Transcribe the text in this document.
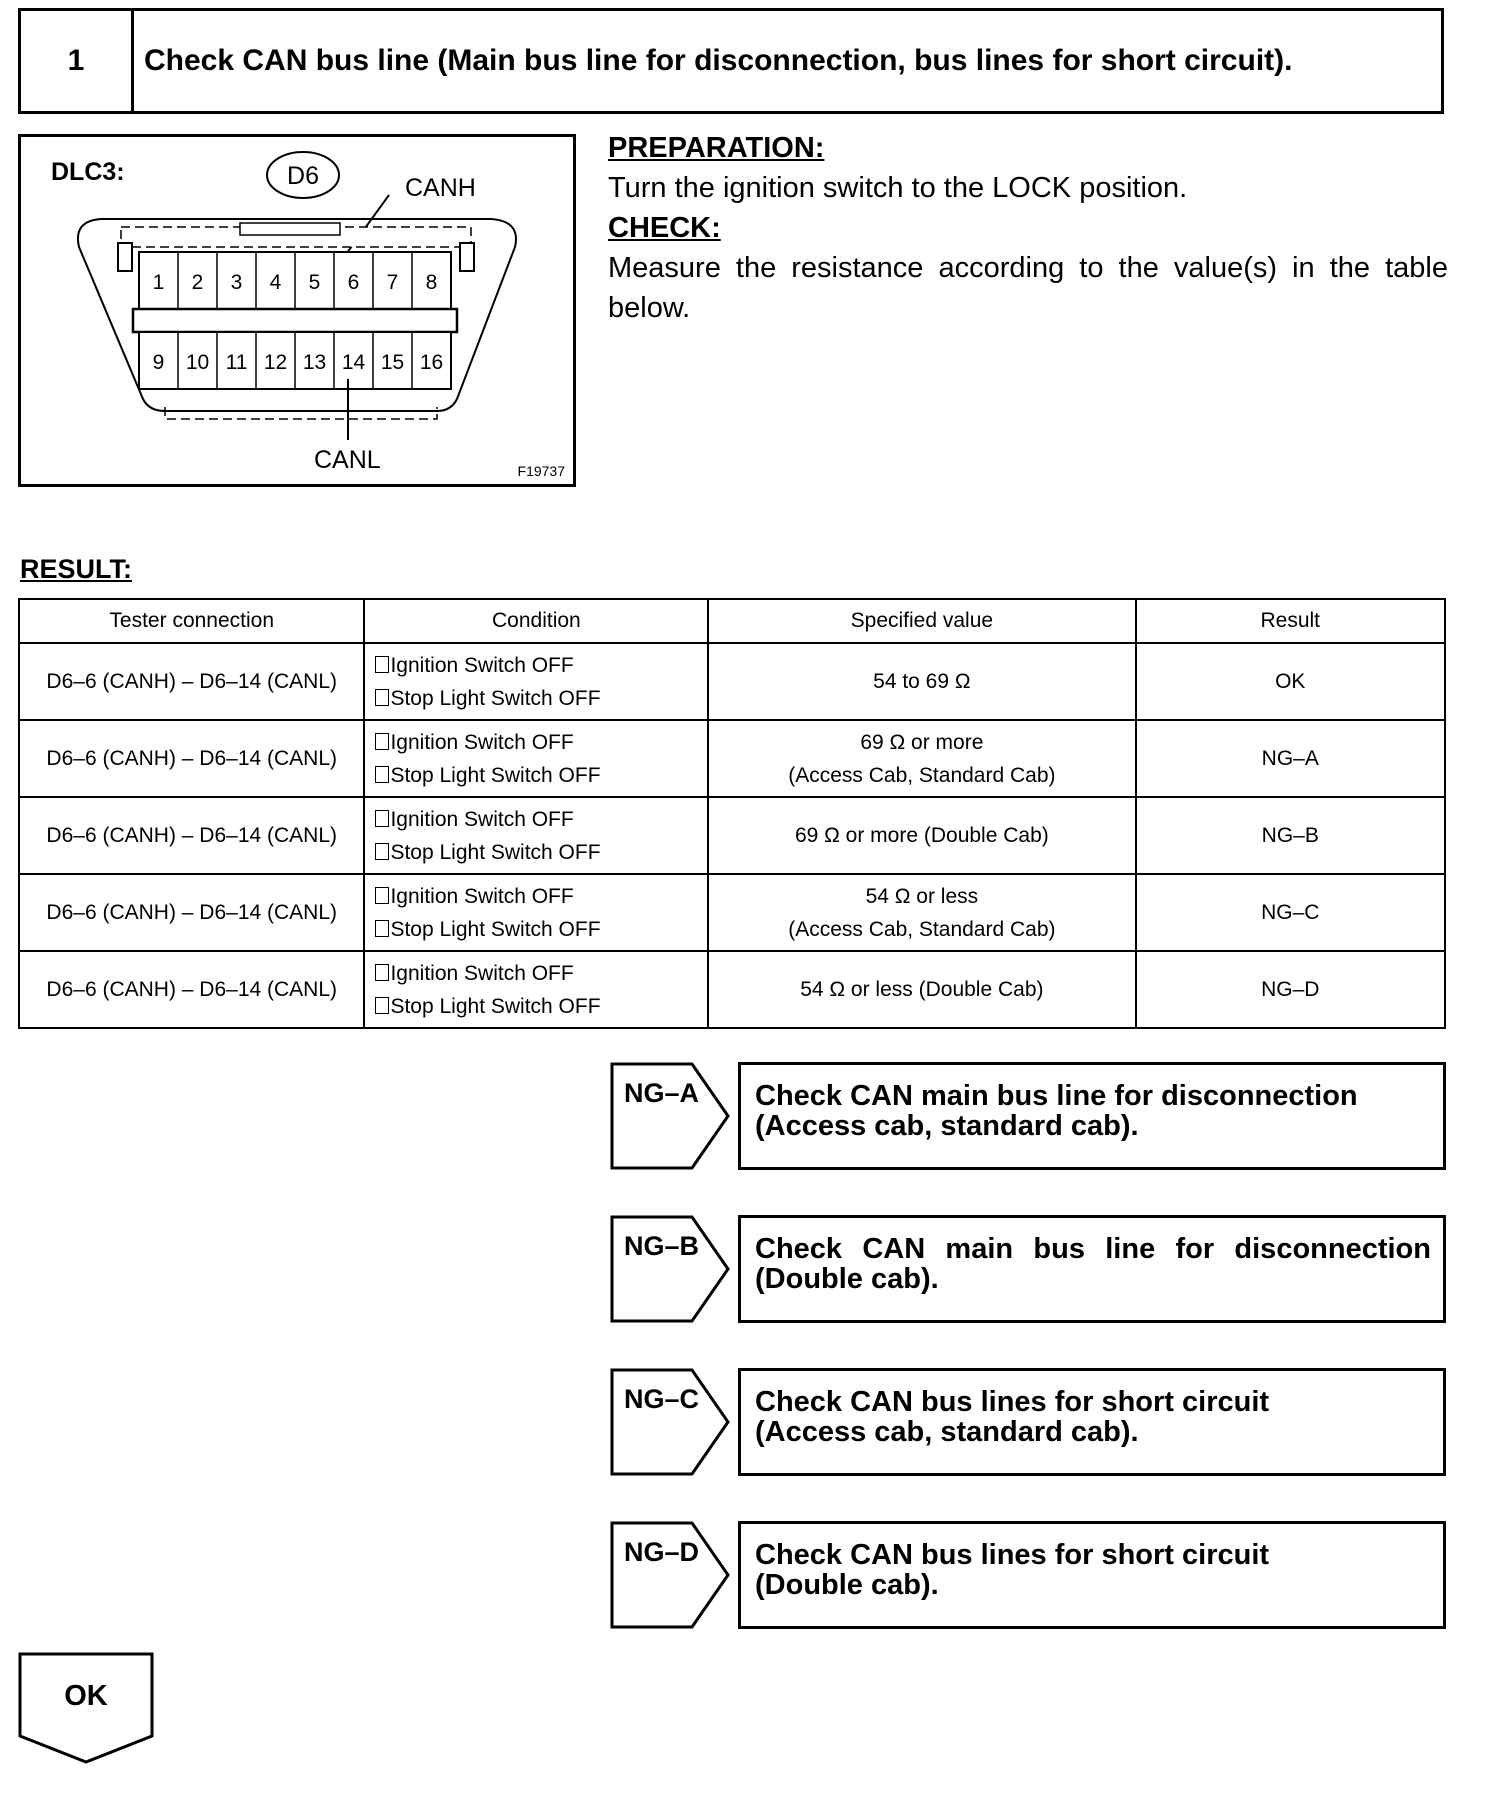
1	Check CAN bus line (Main bus line for disconnection, bus lines for short circuit).
DLC3:	D6	CANH
1 2 3 4 5 6 7 8
9 10 11 12 13 14 15 16
CANL	F19737
PREPARATION:
Turn the ignition switch to the LOCK position.
CHECK:
Measure the resistance according to the value(s) in the table below.
RESULT:
Tester connection	Condition	Specified value	Result
D6–6 (CANH) – D6–14 (CANL)	Ignition Switch OFF
Stop Light Switch OFF	54 to 69 Ω	OK
D6–6 (CANH) – D6–14 (CANL)	Ignition Switch OFF
Stop Light Switch OFF	69 Ω or more
(Access Cab, Standard Cab)	NG–A
D6–6 (CANH) – D6–14 (CANL)	Ignition Switch OFF
Stop Light Switch OFF	69 Ω or more (Double Cab)	NG–B
D6–6 (CANH) – D6–14 (CANL)	Ignition Switch OFF
Stop Light Switch OFF	54 Ω or less
(Access Cab, Standard Cab)	NG–C
D6–6 (CANH) – D6–14 (CANL)	Ignition Switch OFF
Stop Light Switch OFF	54 Ω or less (Double Cab)	NG–D
NG–A Check CAN main bus line for disconnection
(Access cab, standard cab).
NG–B Check CAN main bus line for disconnection
(Double cab).
NG–C Check CAN bus lines for short circuit
(Access cab, standard cab).
NG–D Check CAN bus lines for short circuit
(Double cab).
OK
